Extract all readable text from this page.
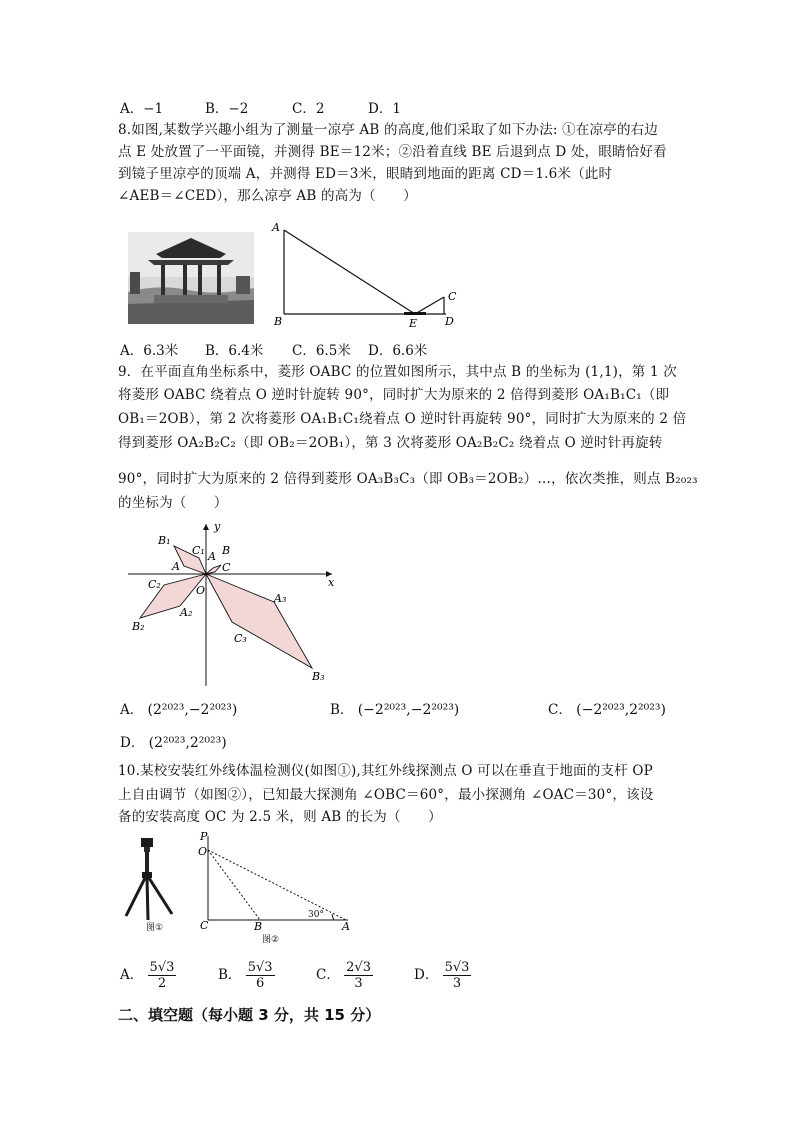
A．−1	B．−2	C．2	D．1
8.如图,某数学兴趣小组为了测量一凉亭 AB 的高度,他们采取了如下办法: ①在凉亭的右边
点 E 处放置了一平面镜，并测得 BE＝12米；②沿着直线 BE 后退到点 D 处，眼睛恰好看
到镜子里凉亭的顶端 A，并测得 ED＝3米，眼睛到地面的距离 CD＝1.6米（此时
∠AEB＝∠CED），那么凉亭 AB 的高为（　　）
A
B
C
D
E
A．6.3米 B．6.4米 C．6.5米 D．6.6米
9．在平面直角坐标系中，菱形 OABC 的位置如图所示，其中点 B 的坐标为 (1,1)，第 1 次
将菱形 OABC 绕着点 O 逆时针旋转 90°，同时扩大为原来的 2 倍得到菱形 OA₁B₁C₁（即
OB₁＝2OB），第 2 次将菱形 OA₁B₁C₁绕着点 O 逆时针再旋转 90°，同时扩大为原来的 2 倍
得到菱形 OA₂B₂C₂（即 OB₂＝2OB₁），第 3 次将菱形 OA₂B₂C₂ 绕着点 O 逆时针再旋转
90°，同时扩大为原来的 2 倍得到菱形 OA₃B₃C₃（即 OB₃＝2OB₂）…，依次类推，则点 B₂₀₂₃
的坐标为（　　）
y
x
O
A B
C
A
B₁
C₁
A₂
B₂
C₂
A₃
B₃
C₃
A． (2²⁰²³,−2²⁰²³)	B． (−2²⁰²³,−2²⁰²³)	C． (−2²⁰²³,2²⁰²³)
D． (2²⁰²³,2²⁰²³)
10.某校安装红外线体温检测仪(如图①),其红外线探测点 O 可以在垂直于地面的支杆 OP
上自由调节（如图②），已知最大探测角 ∠OBC＝60°，最小探测角 ∠OAC＝30°，该设
备的安装高度 OC 为 2.5 米，则 AB 的长为（　　）
图①
P
O
C	B	A
30°
图②
A． $\frac{5√3}{2}$	B． $\frac{5√3}{6}$	C． $\frac{2√3}{3}$	D． $\frac{5√3}{3}$
二、填空题（每小题 3 分，共 15 分）
